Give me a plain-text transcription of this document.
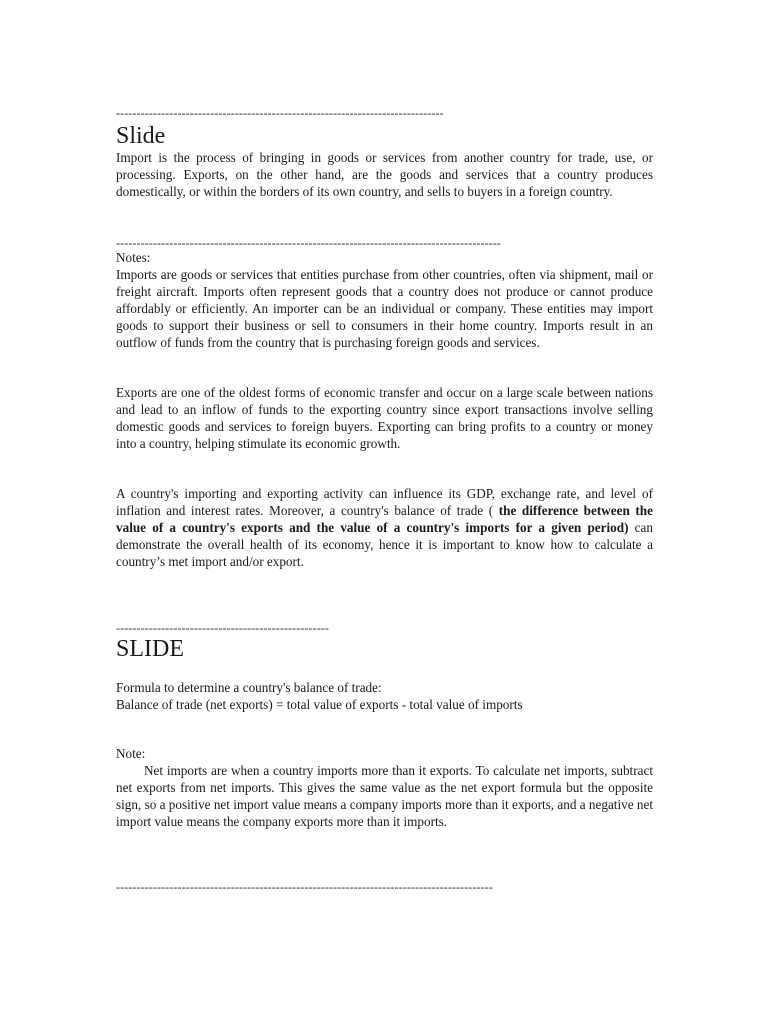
--------------------------------------------------------------------------------
Slide

Import is the process of bringing in goods or services from another country for trade, use, or processing. Exports, on the other hand, are the goods and services that a country produces domestically, or within the borders of its own country, and sells to buyers in a foreign country.

----------------------------------------------------------------------------------------------

Notes:

Imports are goods or services that entities purchase from other countries, often via shipment, mail or freight aircraft. Imports often represent goods that a country does not produce or cannot produce affordably or efficiently. An importer can be an individual or company. These entities may import goods to support their business or sell to consumers in their home country. Imports result in an outflow of funds from the country that is purchasing foreign goods and services.

Exports are one of the oldest forms of economic transfer and occur on a large scale between nations and lead to an inflow of funds to the exporting country since export transactions involve selling domestic goods and services to foreign buyers. Exporting can bring profits to a country or money into a country, helping stimulate its economic growth.

A country's importing and exporting activity can influence its GDP, exchange rate, and level of inflation and interest rates. Moreover, a country's balance of trade ( the difference between the value of a country's exports and the value of a country's imports for a given period) can demonstrate the overall health of its economy, hence it is important to know how to calculate a country’s met import and/or export.

----------------------------------------------------
SLIDE

Formula to determine a country's balance of trade:

Balance of trade (net exports) = total value of exports - total value of imports

Note:

Net imports are when a country imports more than it exports. To calculate net imports, subtract net exports from net imports. This gives the same value as the net export formula but the opposite sign, so a positive net import value means a company imports more than it exports, and a negative net import value means the company exports more than it imports.

--------------------------------------------------------------------------------------------
